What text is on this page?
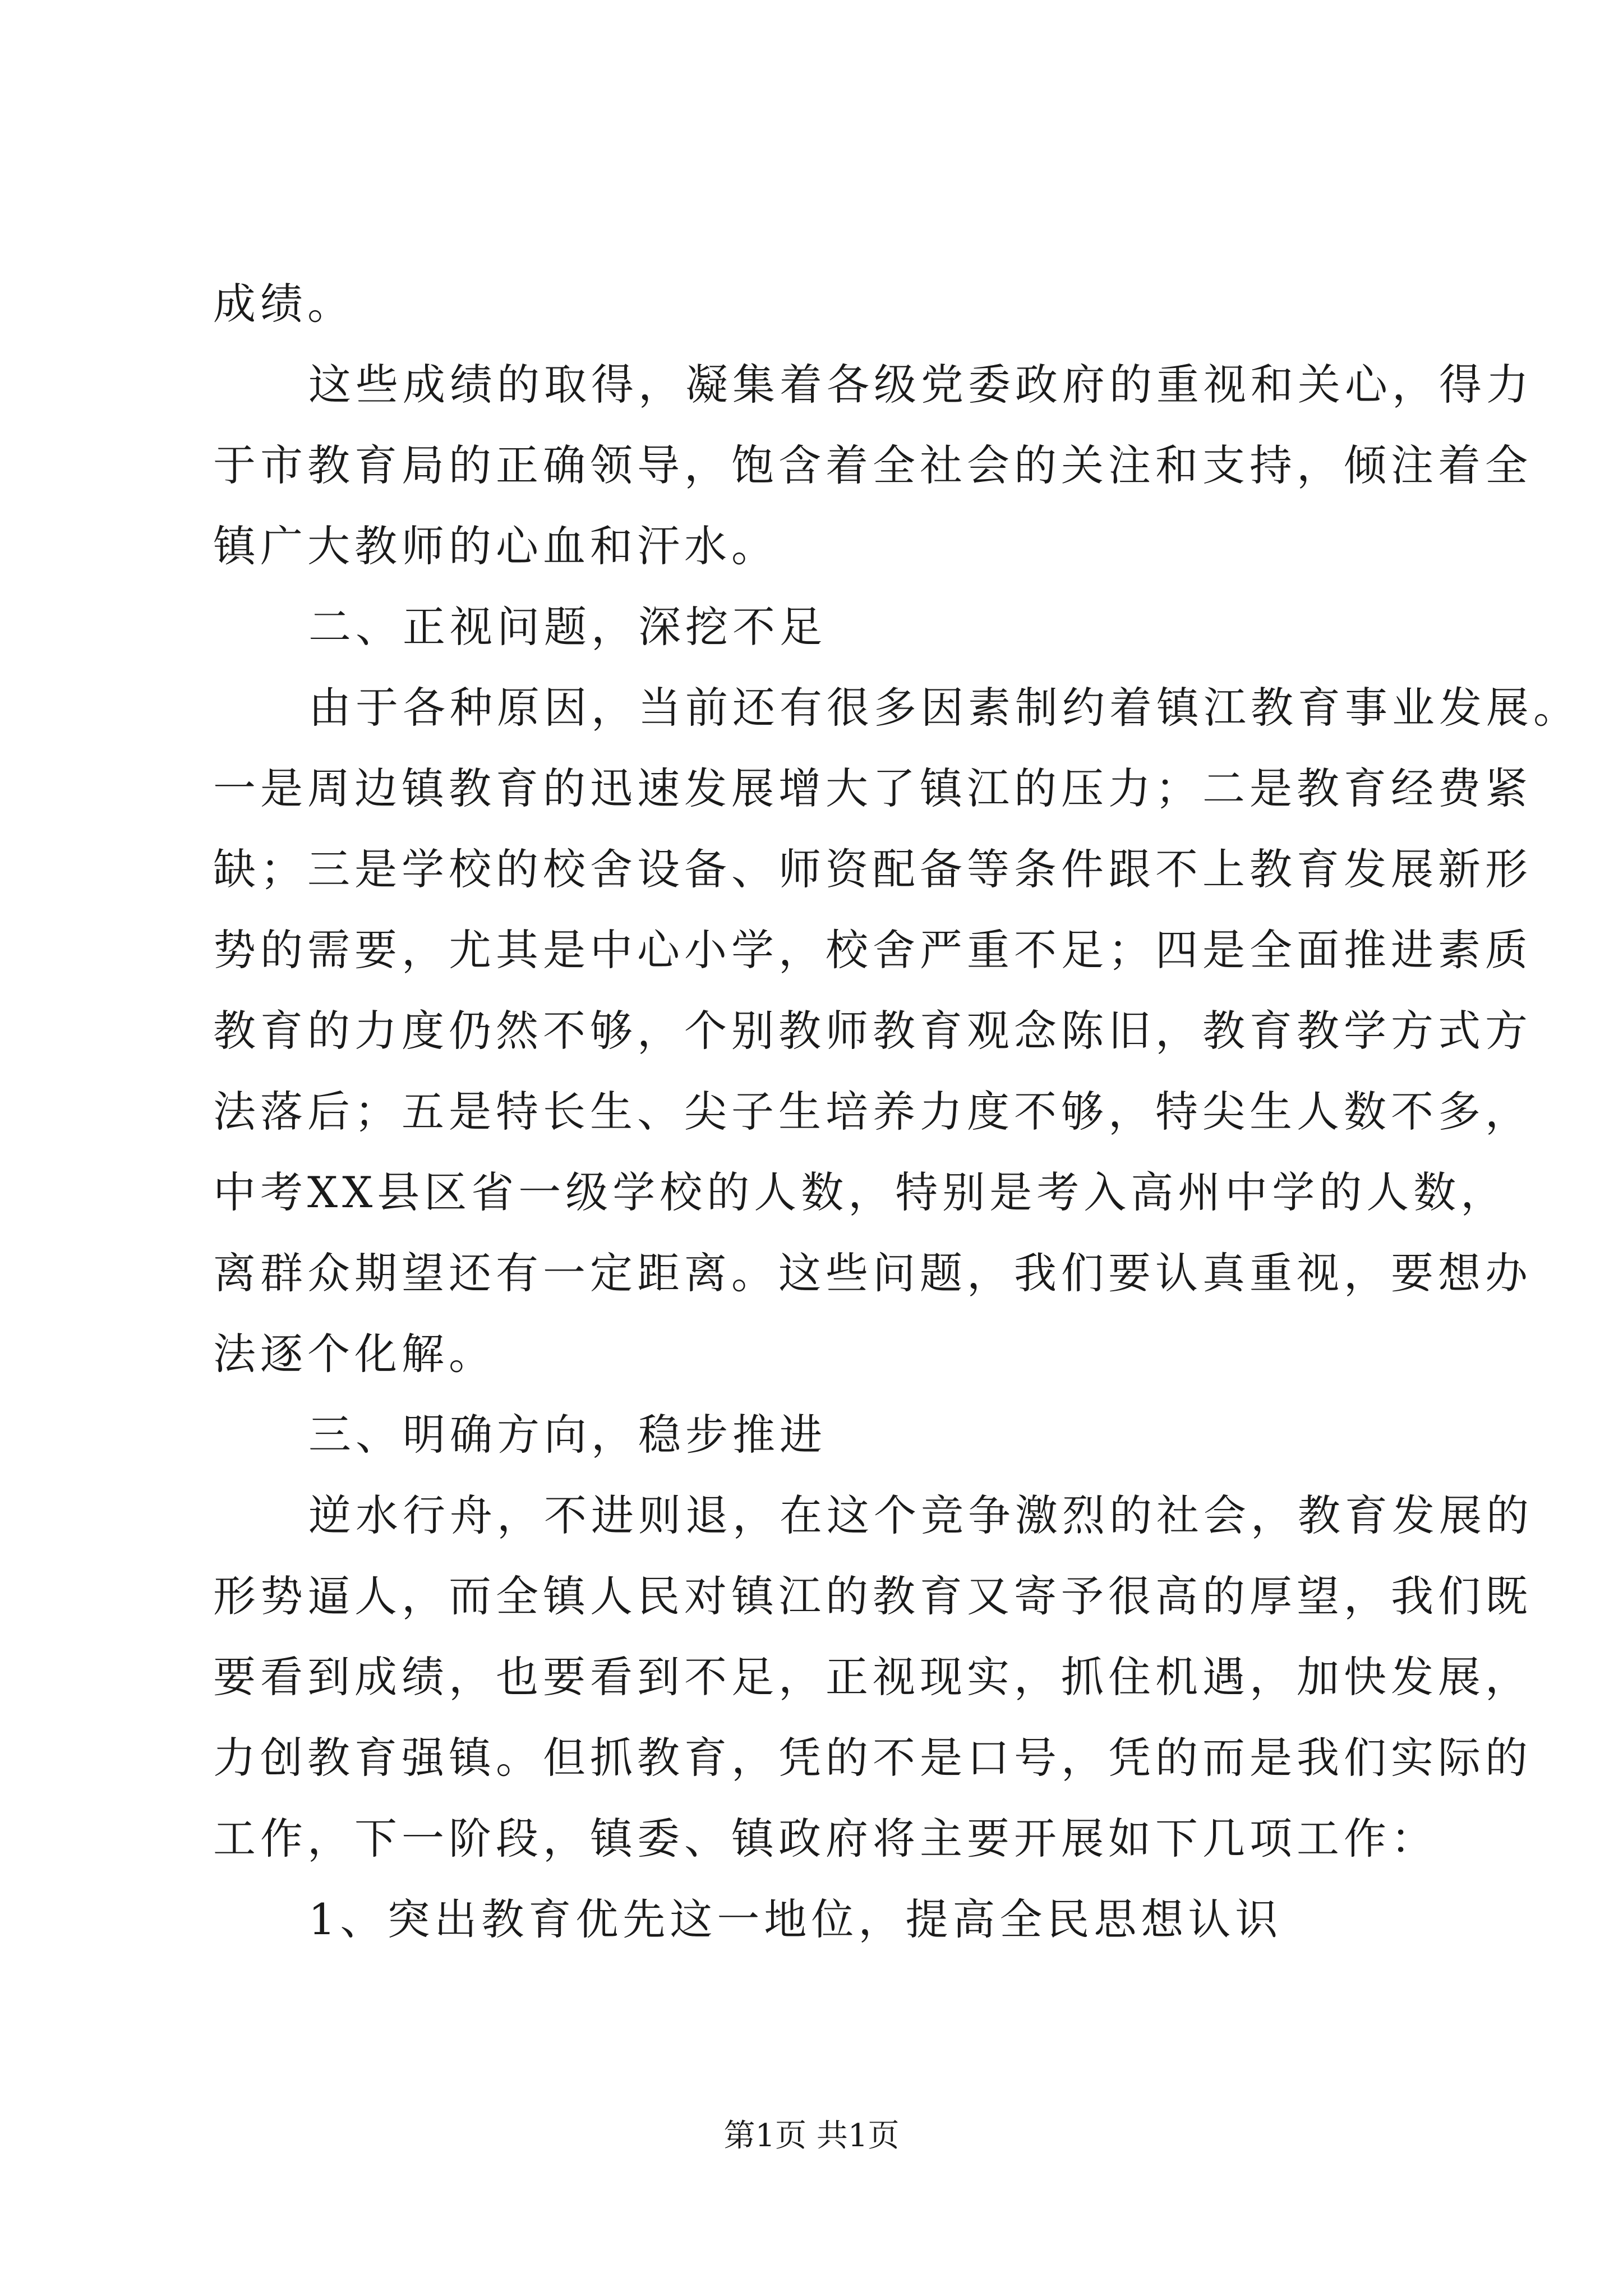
成绩。
这些成绩的取得，凝集着各级党委政府的重视和关心，得力
于市教育局的正确领导，饱含着全社会的关注和支持，倾注着全
镇广大教师的心血和汗水。
二、正视问题，深挖不足
由于各种原因，当前还有很多因素制约着镇江教育事业发展。
一是周边镇教育的迅速发展增大了镇江的压力；二是教育经费紧
缺；三是学校的校舍设备、师资配备等条件跟不上教育发展新形
势的需要，尤其是中心小学，校舍严重不足；四是全面推进素质
教育的力度仍然不够，个别教师教育观念陈旧，教育教学方式方
法落后；五是特长生、尖子生培养力度不够，特尖生人数不多，
中考XX县区省一级学校的人数，特别是考入高州中学的人数，
离群众期望还有一定距离。这些问题，我们要认真重视，要想办
法逐个化解。
三、明确方向，稳步推进
逆水行舟，不进则退，在这个竞争激烈的社会，教育发展的
形势逼人，而全镇人民对镇江的教育又寄予很高的厚望，我们既
要看到成绩，也要看到不足，正视现实，抓住机遇，加快发展，
力创教育强镇。但抓教育，凭的不是口号，凭的而是我们实际的
工作，下一阶段，镇委、镇政府将主要开展如下几项工作：
1、突出教育优先这一地位，提高全民思想认识
第1页 共1页
